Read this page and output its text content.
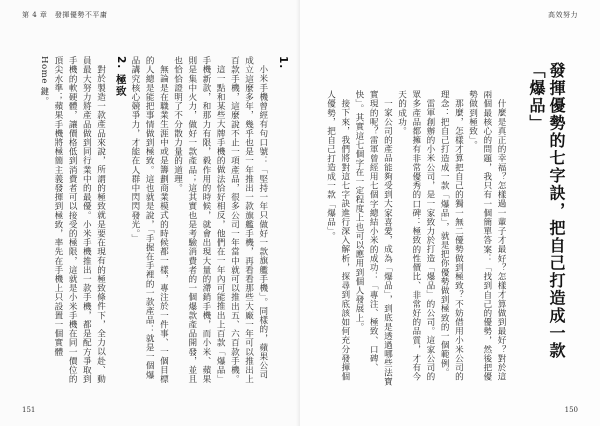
第 4 章　發揮優勢不平庸
1.

小米手機曾經有句口號：「堅持一年只做好一款旗艦手機」。同樣的，蘋果公司成立這麼多年，幾乎也是一年推出一款旗艦手機，再看看那些大廠一年可以推出上百款手機，這麼說不止一項產品，很多公司一年當中就可以推出五、六百款手機。

這一點和某些大牌手機的做法恰好相反，他們在一年內可能推出上百款「爆品」手機新款，和那力有限，毅作用的時候，就會出現大量的滯銷手機，而小米、蘋果則是集中火力，做好一款產品；這其實也是考驗消費者的一個爆款產品開發，並且也恰恰證明了不分散力量的道理。

無論是在職業生涯中或是籌劃商業模式的時候都一樣，專注於一件事、一個目標的人總是能把事情做到極致。這也就是說，「手握在手裡的一款產品：就是一個爆品講究核心競爭力，才能在人群中閃閃發光。」

2. 極致

對於製造一款產品來說，所謂的極致就是要在現有的極致條件下，全力以赴、動員最大努力將產品做到同行業中的最優。小米手機推出一款手機，都是配方爭取到手機的軟硬體，讓價格低到消費者可以接受的極限，這就是小米手機在同一價位的頂尖水準；蘋果手機將極簡主義發揮到極致，率先在手機上只設置一個實體 Home 鍵。

151
高效努力
發揮優勢的七字訣，把自己打造成一款「爆品」

什麼是真正的幸福？怎樣過一輩子才最好？怎樣才算做到最好？對於這兩個最核心的問題，我只有一個簡單答案：「找到自己的優勢，然後把優勢做到極致」。

那麼，怎樣才算把自己的獨一無二優勢做到極致？不妨借用小米公司的理念：把自己打造成一款「爆品」，就是把你優勢做到極致的一個範例。

雷軍創辦的小米公司，是一家致力於打造「爆品」的公司。這家公司的眾多產品都擁有非常優秀的口碑：極致的性價比、非常好的品質，才有今天的成功。

一家公司的產品能夠受到大家喜愛，成為「爆品」，到底是透過哪些法寶實現的呢？雷軍曾經用七個字總結小米的成功：「專注、極致、口碑、快」。其實這七個字在一定程度上也可以應用到個人發展上。

接下來，我們將對這七字訣進行深入解析，探尋到底該如何充分發揮個人優勢，把自己打造成一款「爆品」。

150
